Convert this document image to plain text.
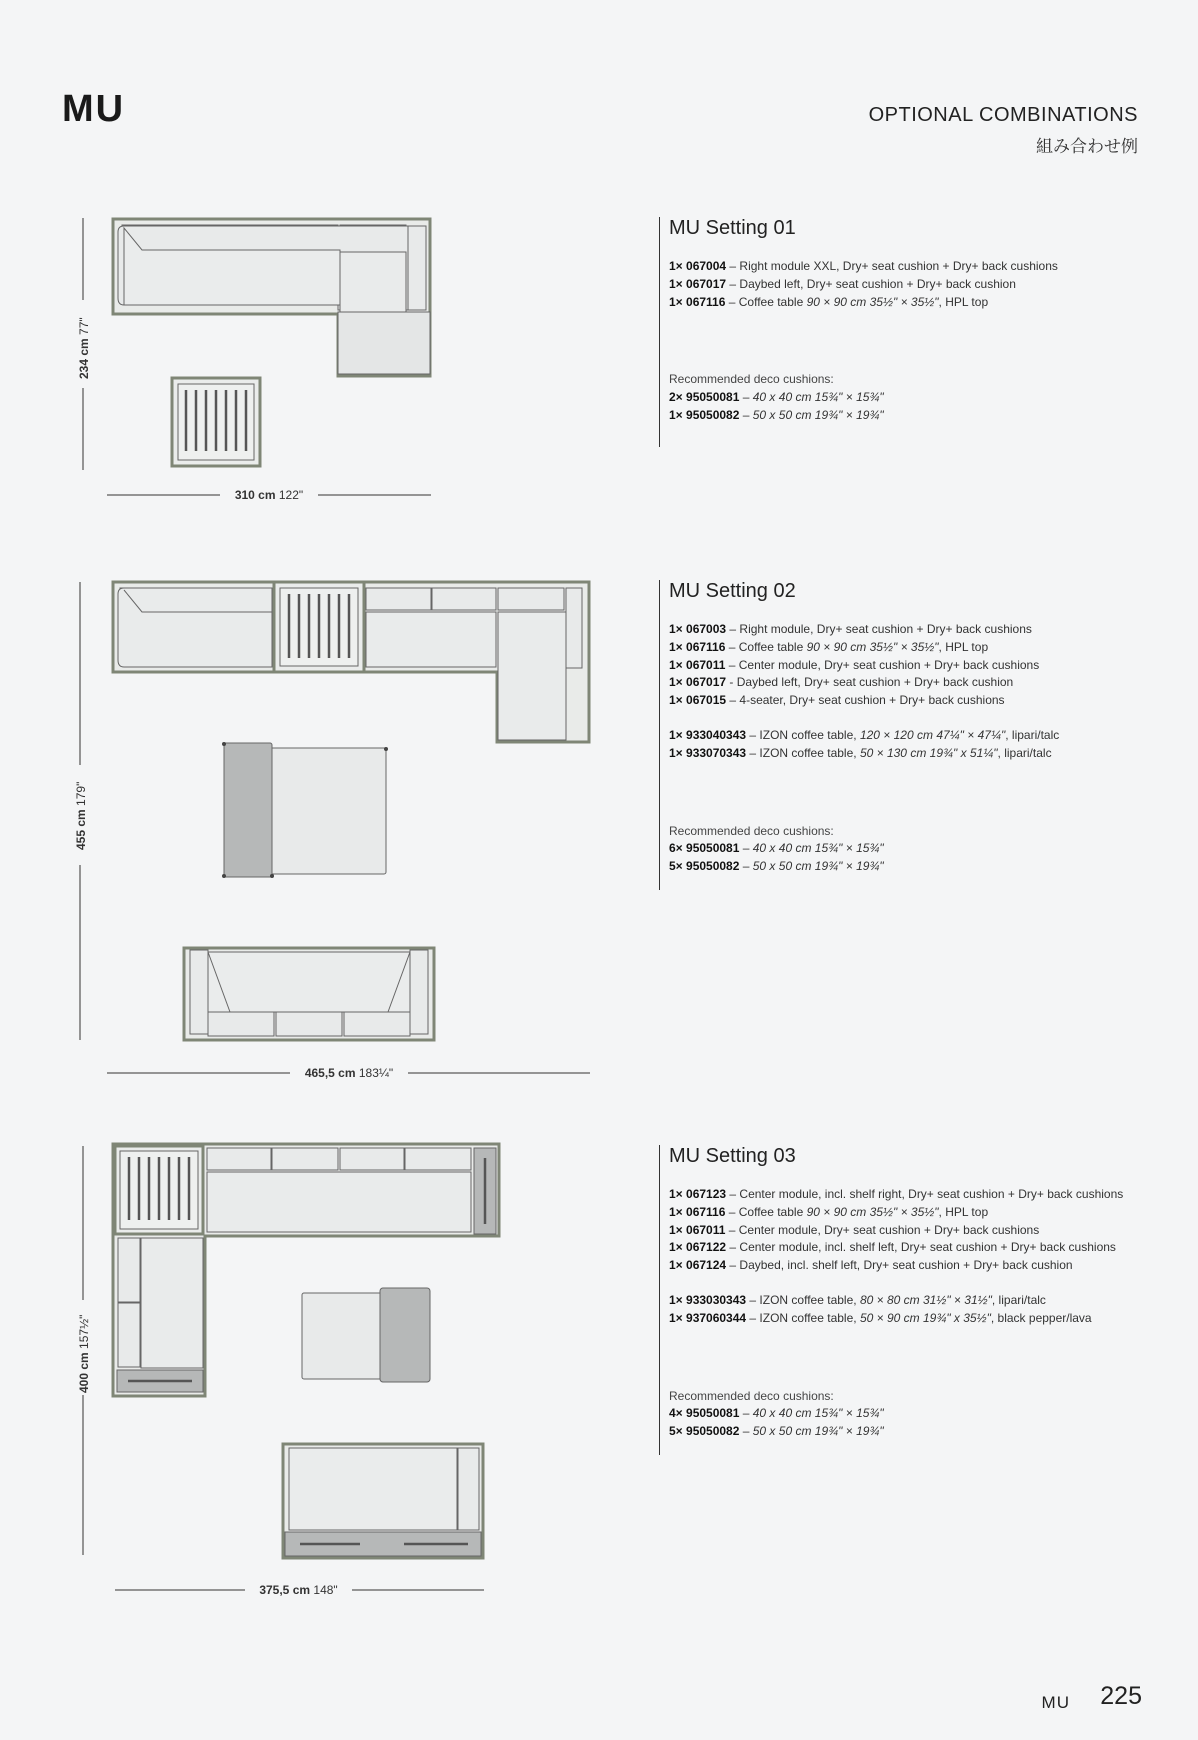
MU	OPTIONAL COMBINATIONS
組み合わせ例
234 cm 77"
310 cm 122"
455 cm 179"
465,5 cm 183¼"
400 cm 157½"
375,5 cm 148"
MU Setting 01
1× 067004 – Right module XXL, Dry+ seat cushion + Dry+ back cushions
1× 067017 – Daybed left, Dry+ seat cushion + Dry+ back cushion
1× 067116 – Coffee table 90 × 90 cm 35½" × 35½", HPL top
Recommended deco cushions:
2× 95050081 – 40 x 40 cm 15¾" × 15¾"
1× 95050082 – 50 x 50 cm 19¾" × 19¾"
MU Setting 02
1× 067003 – Right module, Dry+ seat cushion + Dry+ back cushions
1× 067116 – Coffee table 90 × 90 cm 35½" × 35½", HPL top
1× 067011 – Center module, Dry+ seat cushion + Dry+ back cushions
1× 067017 - Daybed left, Dry+ seat cushion + Dry+ back cushion
1× 067015 – 4-seater, Dry+ seat cushion + Dry+ back cushions
1× 933040343 – IZON coffee table, 120 × 120 cm 47¼" × 47¼", lipari/talc
1× 933070343 – IZON coffee table, 50 × 130 cm 19¾" x 51¼", lipari/talc
Recommended deco cushions:
6× 95050081 – 40 x 40 cm 15¾" × 15¾"
5× 95050082 – 50 x 50 cm 19¾" × 19¾"
MU Setting 03
1× 067123 – Center module, incl. shelf right, Dry+ seat cushion + Dry+ back cushions
1× 067116 – Coffee table 90 × 90 cm 35½" × 35½", HPL top
1× 067011 – Center module, Dry+ seat cushion + Dry+ back cushions
1× 067122 – Center module, incl. shelf left, Dry+ seat cushion + Dry+ back cushions
1× 067124 – Daybed, incl. shelf left, Dry+ seat cushion + Dry+ back cushion
1× 933030343 – IZON coffee table, 80 × 80 cm 31½" × 31½", lipari/talc
1× 937060344 – IZON coffee table, 50 × 90 cm 19¾" x 35½", black pepper/lava
Recommended deco cushions:
4× 95050081 – 40 x 40 cm 15¾" × 15¾"
5× 95050082 – 50 x 50 cm 19¾" × 19¾"
MU 225
